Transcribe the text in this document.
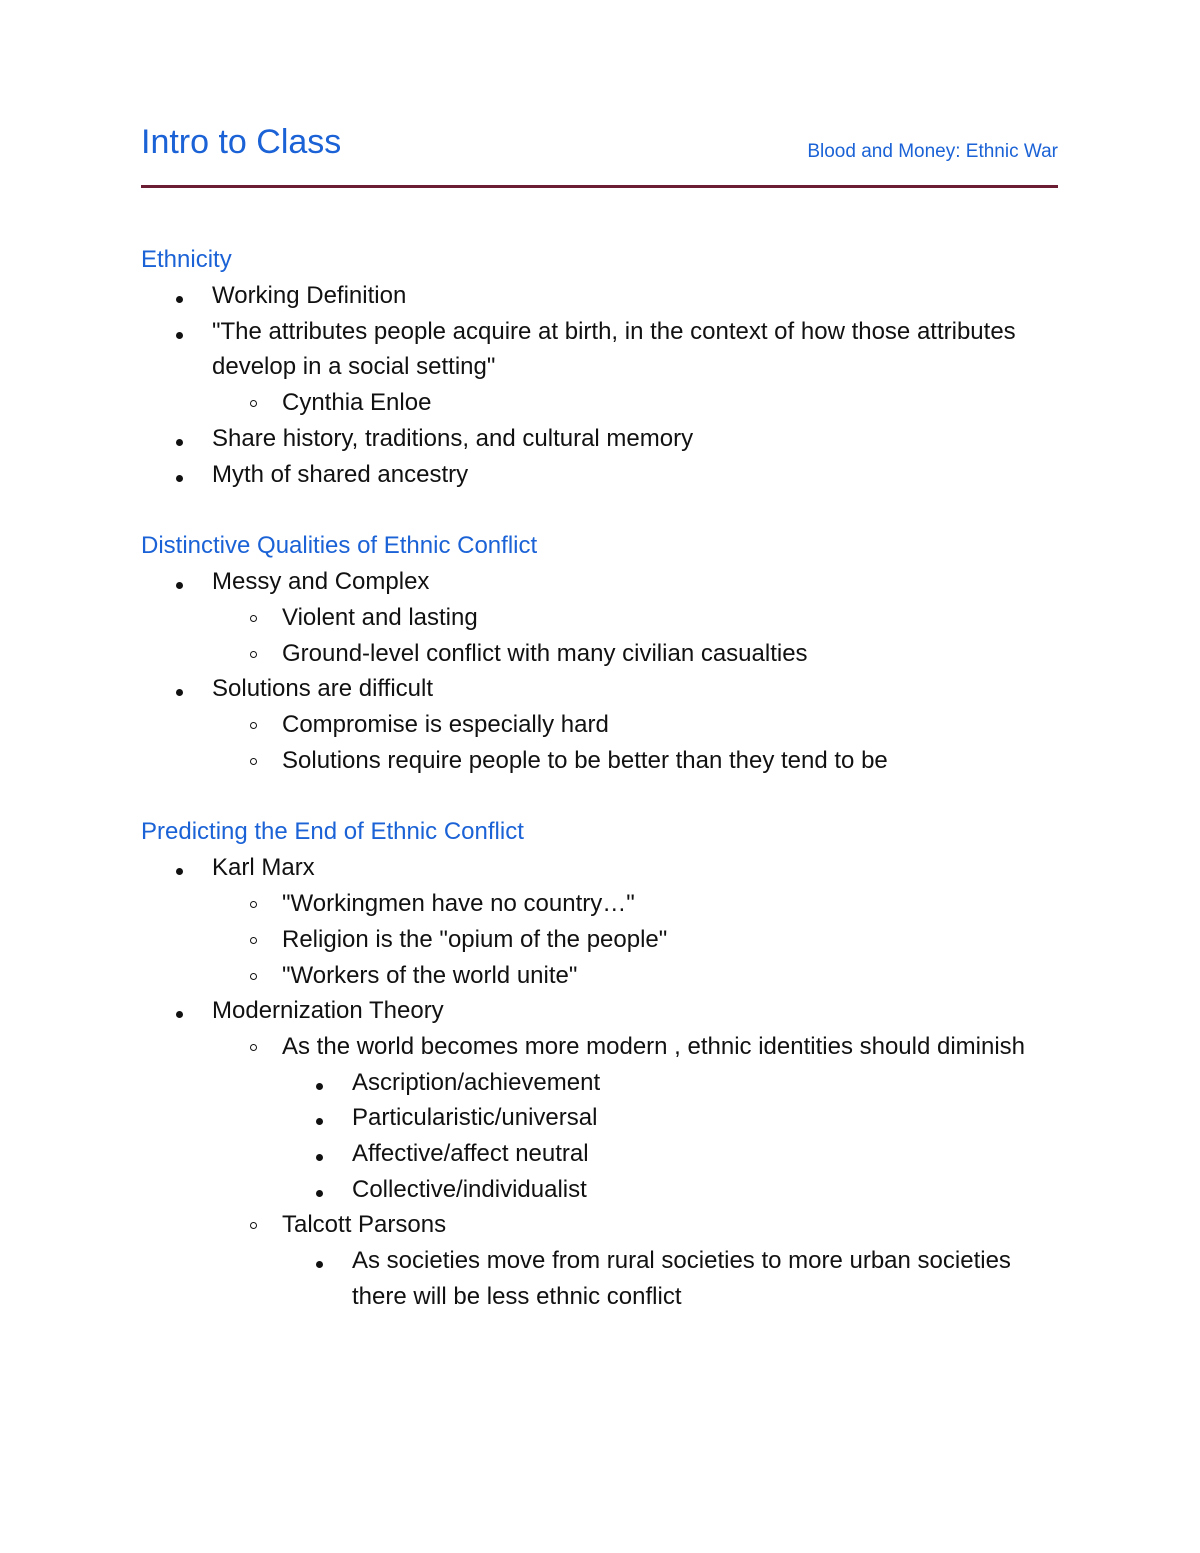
Intro to Class	Blood and Money: Ethnic War
Ethnicity
Working Definition
"The attributes people acquire at birth, in the context of how those attributes develop in a social setting"
Cynthia Enloe
Share history, traditions, and cultural memory
Myth of shared ancestry
Distinctive Qualities of Ethnic Conflict
Messy and Complex
Violent and lasting
Ground-level conflict with many civilian casualties
Solutions are difficult
Compromise is especially hard
Solutions require people to be better than they tend to be
Predicting the End of Ethnic Conflict
Karl Marx
"Workingmen have no country…"
Religion is the "opium of the people"
"Workers of the world unite"
Modernization Theory
As the world becomes more modern , ethnic identities should diminish
Ascription/achievement
Particularistic/universal
Affective/affect neutral
Collective/individualist
Talcott Parsons
As societies move from rural societies to more urban societies there will be less ethnic conflict
